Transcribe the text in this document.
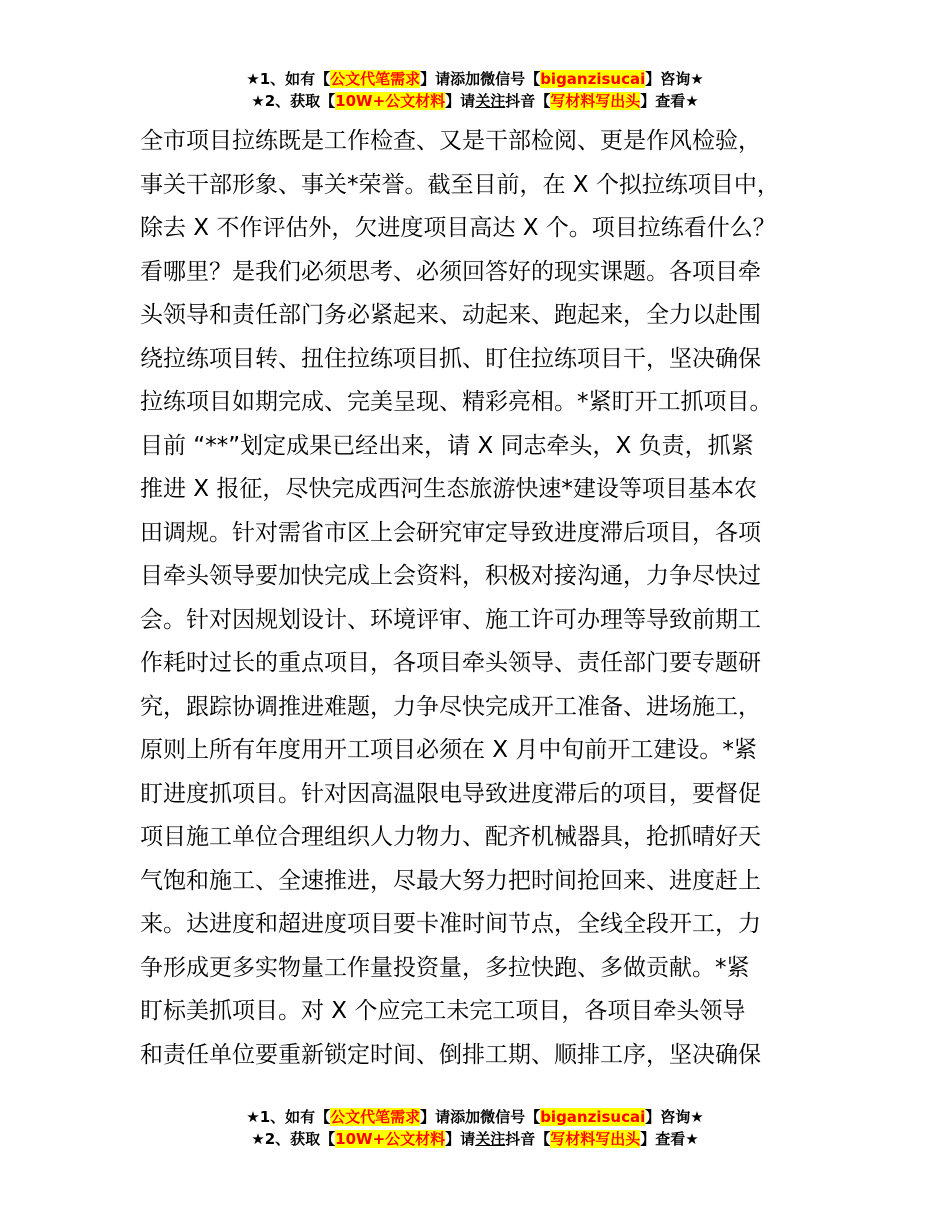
★1、如有【公文代笔需求】请添加微信号【biganzisucai】咨询★
★2、获取【10W+公文材料】请关注抖音【写材料写出头】查看★
全市项目拉练既是工作检查、又是干部检阅、更是作风检验，
事关干部形象、事关*荣誉。截至目前，在 X 个拟拉练项目中，
除去 X 不作评估外，欠进度项目高达 X 个。项目拉练看什么？
看哪里？是我们必须思考、必须回答好的现实课题。各项目牵
头领导和责任部门务必紧起来、动起来、跑起来，全力以赴围
绕拉练项目转、扭住拉练项目抓、盯住拉练项目干，坚决确保
拉练项目如期完成、完美呈现、精彩亮相。*紧盯开工抓项目。
目前 “**”划定成果已经出来，请 X 同志牵头，X 负责，抓紧
推进 X 报征，尽快完成西河生态旅游快速*建设等项目基本农
田调规。针对需省市区上会研究审定导致进度滞后项目，各项
目牵头领导要加快完成上会资料，积极对接沟通，力争尽快过
会。针对因规划设计、环境评审、施工许可办理等导致前期工
作耗时过长的重点项目，各项目牵头领导、责任部门要专题研
究，跟踪协调推进难题，力争尽快完成开工准备、进场施工，
原则上所有年度用开工项目必须在 X 月中旬前开工建设。*紧
盯进度抓项目。针对因高温限电导致进度滞后的项目，要督促
项目施工单位合理组织人力物力、配齐机械器具，抢抓晴好天
气饱和施工、全速推进，尽最大努力把时间抢回来、进度赶上
来。达进度和超进度项目要卡准时间节点，全线全段开工，力
争形成更多实物量工作量投资量，多拉快跑、多做贡献。*紧
盯标美抓项目。对 X 个应完工未完工项目，各项目牵头领导
和责任单位要重新锁定时间、倒排工期、顺排工序，坚决确保
★1、如有【公文代笔需求】请添加微信号【biganzisucai】咨询★
★2、获取【10W+公文材料】请关注抖音【写材料写出头】查看★
